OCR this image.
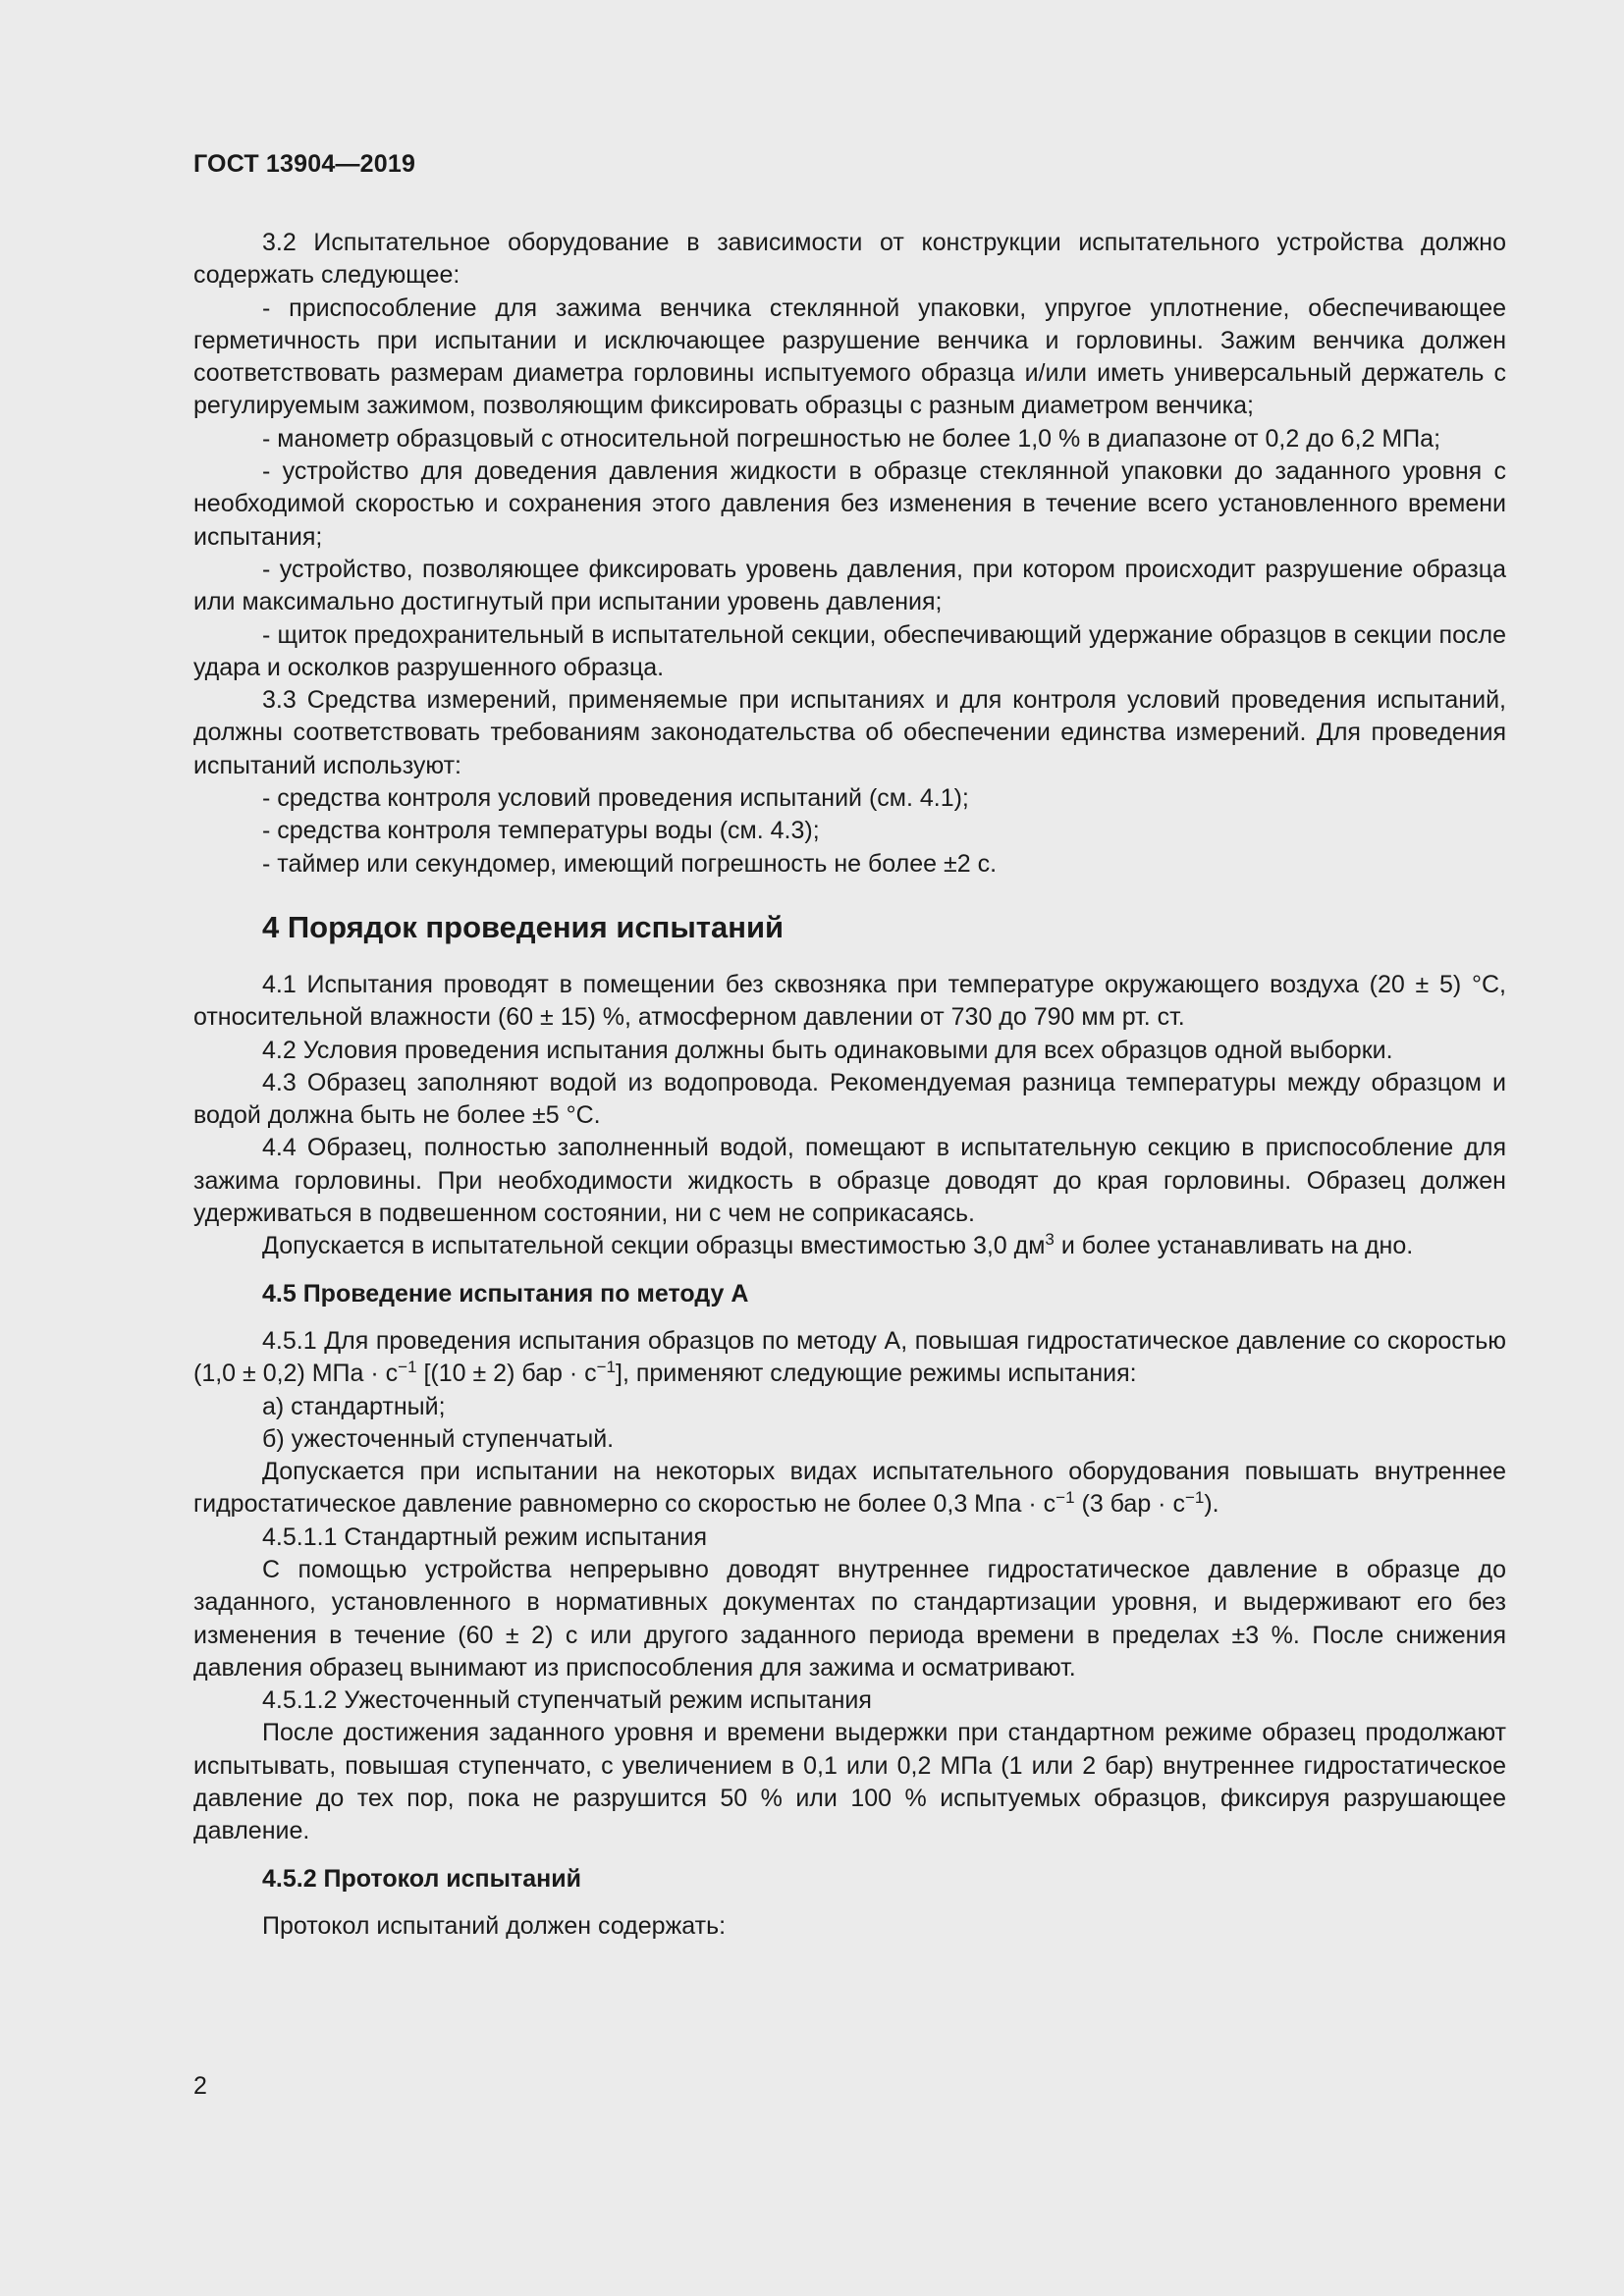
ГОСТ 13904—2019

3.2 Испытательное оборудование в зависимости от конструкции испытательного устройства должно содержать следующее:

- приспособление для зажима венчика стеклянной упаковки, упругое уплотнение, обеспечивающее герметичность при испытании и исключающее разрушение венчика и горловины. Зажим венчика должен соответствовать размерам диаметра горловины испытуемого образца и/или иметь универсальный держатель с регулируемым зажимом, позволяющим фиксировать образцы с разным диаметром венчика;

- манометр образцовый с относительной погрешностью не более 1,0 % в диапазоне от 0,2 до 6,2 МПа;

- устройство для доведения давления жидкости в образце стеклянной упаковки до заданного уровня с необходимой скоростью и сохранения этого давления без изменения в течение всего установленного времени испытания;

- устройство, позволяющее фиксировать уровень давления, при котором происходит разрушение образца или максимально достигнутый при испытании уровень давления;

- щиток предохранительный в испытательной секции, обеспечивающий удержание образцов в секции после удара и осколков разрушенного образца.

3.3 Средства измерений, применяемые при испытаниях и для контроля условий проведения испытаний, должны соответствовать требованиям законодательства об обеспечении единства измерений. Для проведения испытаний используют:

- средства контроля условий проведения испытаний (см. 4.1);

- средства контроля температуры воды (см. 4.3);

- таймер или секундомер, имеющий погрешность не более ±2 с.

4 Порядок проведения испытаний

4.1 Испытания проводят в помещении без сквозняка при температуре окружающего воздуха (20 ± 5) °С, относительной влажности (60 ± 15) %, атмосферном давлении от 730 до 790 мм рт. ст.

4.2 Условия проведения испытания должны быть одинаковыми для всех образцов одной выборки.

4.3 Образец заполняют водой из водопровода. Рекомендуемая разница температуры между образцом и водой должна быть не более ±5 °С.

4.4 Образец, полностью заполненный водой, помещают в испытательную секцию в приспособление для зажима горловины. При необходимости жидкость в образце доводят до края горловины. Образец должен удерживаться в подвешенном состоянии, ни с чем не соприкасаясь.

Допускается в испытательной секции образцы вместимостью 3,0 $дм^3$ и более устанавливать на дно.

4.5 Проведение испытания по методу А

4.5.1 Для проведения испытания образцов по методу А, повышая гидростатическое давление со скоростью (1,0 ± 0,2) МПа · $с^{-1}$ [(10 ± 2) бар · $с^{-1}$], применяют следующие режимы испытания:

а) стандартный;

б) ужесточенный ступенчатый.

Допускается при испытании на некоторых видах испытательного оборудования повышать внутреннее гидростатическое давление равномерно со скоростью не более 0,3 Мпа · $с^{-1}$ (3 бар · $с^{-1}$).

4.5.1.1 Стандартный режим испытания

С помощью устройства непрерывно доводят внутреннее гидростатическое давление в образце до заданного, установленного в нормативных документах по стандартизации уровня, и выдерживают его без изменения в течение (60 ± 2) с или другого заданного периода времени в пределах ±3 %. После снижения давления образец вынимают из приспособления для зажима и осматривают.

4.5.1.2 Ужесточенный ступенчатый режим испытания

После достижения заданного уровня и времени выдержки при стандартном режиме образец продолжают испытывать, повышая ступенчато, с увеличением в 0,1 или 0,2 МПа (1 или 2 бар) внутреннее гидростатическое давление до тех пор, пока не разрушится 50 % или 100 % испытуемых образцов, фиксируя разрушающее давление.

4.5.2 Протокол испытаний

Протокол испытаний должен содержать:

2
